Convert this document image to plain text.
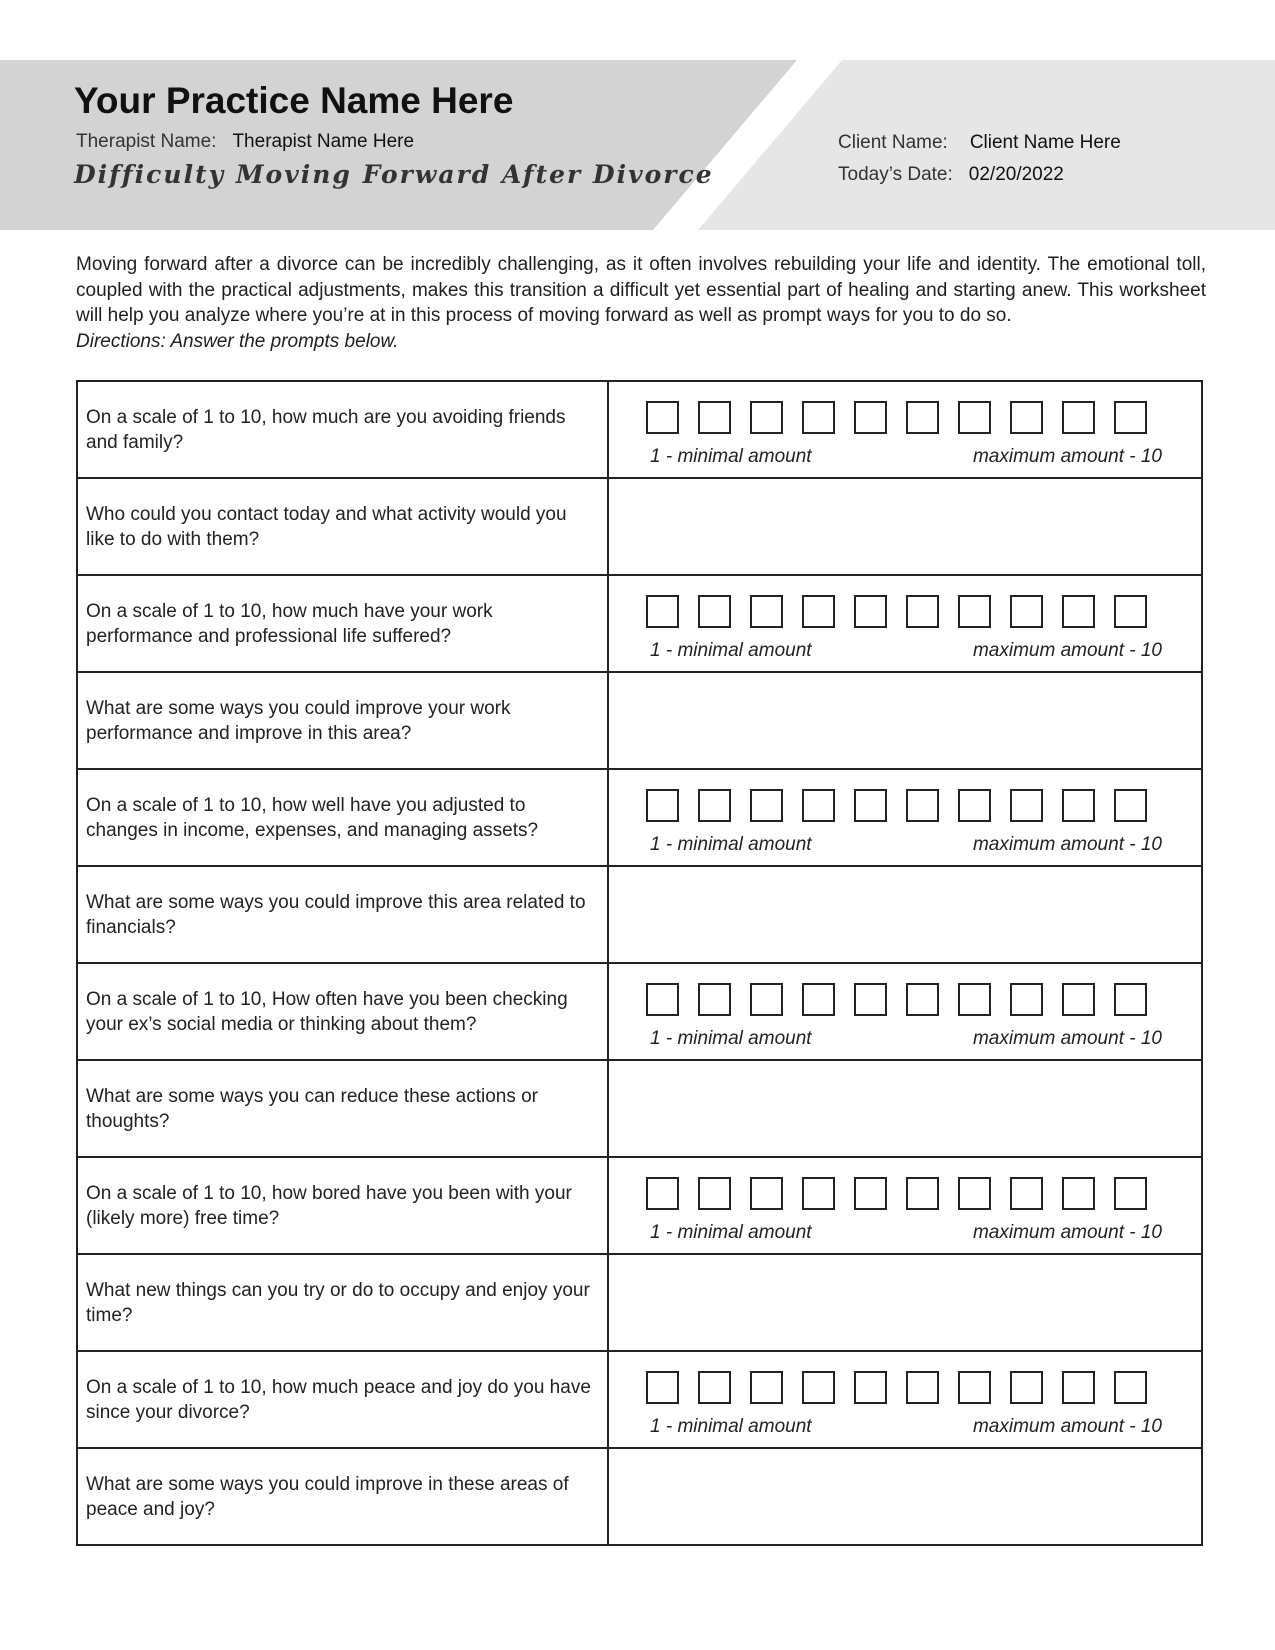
Your Practice Name Here
Therapist Name: Therapist Name Here
Difficulty Moving Forward After Divorce
Client Name: Client Name Here
Today’s Date: 02/20/2022

Moving forward after a divorce can be incredibly challenging, as it often involves rebuilding your life and identity. The emotional toll, coupled with the practical adjustments, makes this transition a difficult yet essential part of healing and starting anew. This worksheet will help you analyze where you’re at in this process of moving forward as well as prompt ways for you to do so.

Directions: Answer the prompts below.

On a scale of 1 to 10, how much are you avoiding friends and family?	1 - minimal amount maximum amount - 10

Who could you contact today and what activity would you like to do with them?	
On a scale of 1 to 10, how much have your work performance and professional life suffered?	1 - minimal amount maximum amount - 10

What are some ways you could improve your work performance and improve in this area?	
On a scale of 1 to 10, how well have you adjusted to changes in income, expenses, and managing assets?	1 - minimal amount maximum amount - 10

What are some ways you could improve this area related to financials?	
On a scale of 1 to 10, How often have you been checking your ex’s social media or thinking about them?	1 - minimal amount maximum amount - 10

What are some ways you can reduce these actions or thoughts?	
On a scale of 1 to 10, how bored have you been with your (likely more) free time?	1 - minimal amount maximum amount - 10

What new things can you try or do to occupy and enjoy your time?	
On a scale of 1 to 10, how much peace and joy do you have since your divorce?	1 - minimal amount maximum amount - 10

What are some ways you could improve in these areas of peace and joy?	
